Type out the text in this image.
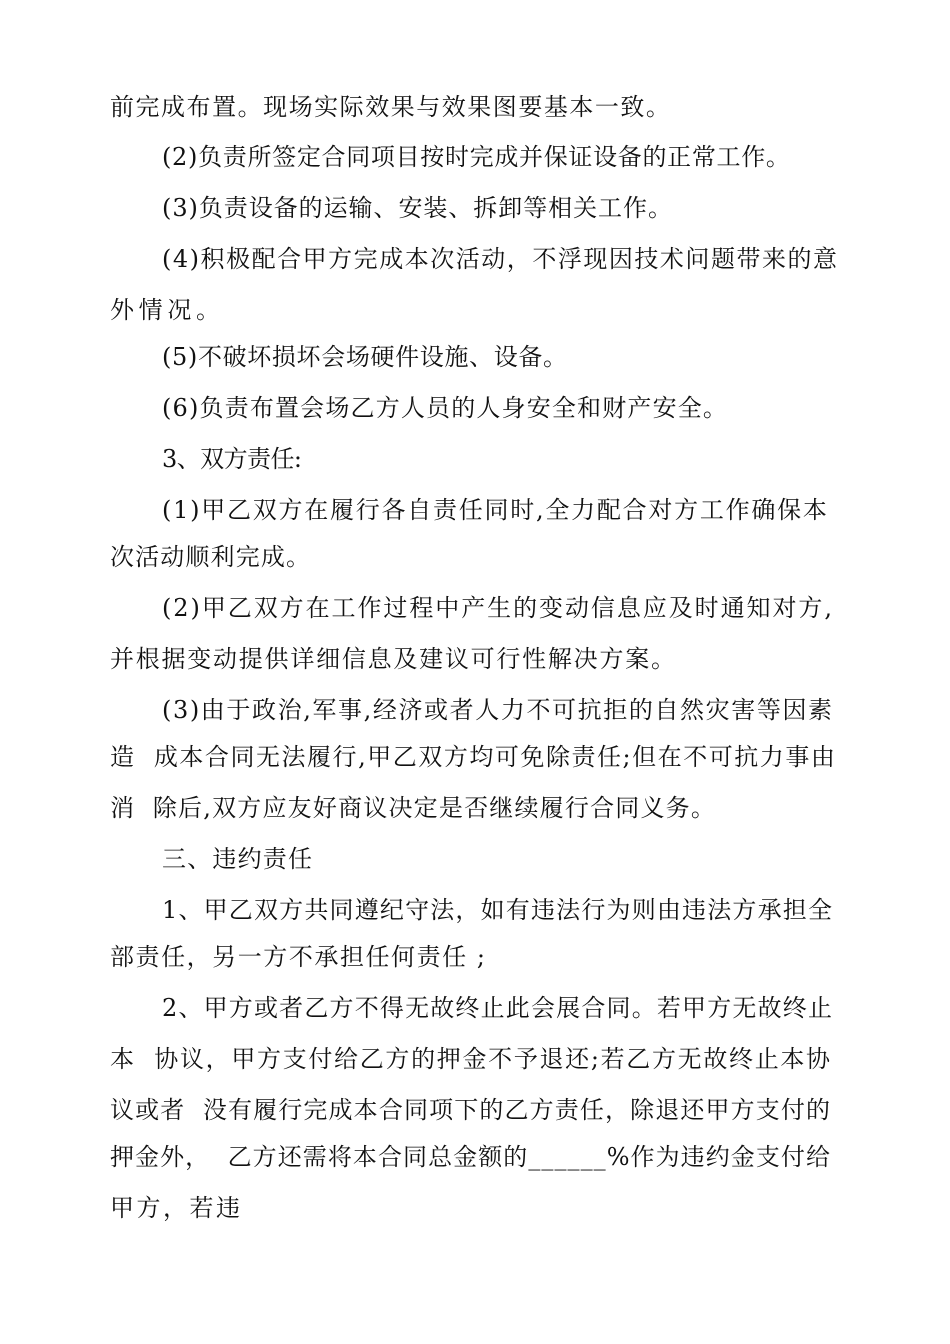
前完成布置。现场实际效果与效果图要基本一致。
(2)负责所签定合同项目按时完成并保证设备的正常工作。
(3)负责设备的运输、安装、拆卸等相关工作。
(4)积极配合甲方完成本次活动，不浮现因技术问题带来的意
外情况。
(5)不破坏损坏会场硬件设施、设备。
(6)负责布置会场乙方人员的人身安全和财产安全。
3、双方责任:
(1)甲乙双方在履行各自责任同时,全力配合对方工作确保本
次活动顺利完成。
(2)甲乙双方在工作过程中产生的变动信息应及时通知对方,
并根据变动提供详细信息及建议可行性解决方案。
(3)由于政治,军事,经济或者人力不可抗拒的自然灾害等因素
造  成本合同无法履行,甲乙双方均可免除责任;但在不可抗力事由
消  除后,双方应友好商议决定是否继续履行合同义务。
三、违约责任
1、甲乙双方共同遵纪守法，如有违法行为则由违法方承担全
部责任，另一方不承担任何责任 ;
2、甲方或者乙方不得无故终止此会展合同。若甲方无故终止
本  协议，甲方支付给乙方的押金不予退还;若乙方无故终止本协
议或者  没有履行完成本合同项下的乙方责任，除退还甲方支付的
押金外，  乙方还需将本合同总金额的______%作为违约金支付给
甲方，若违
